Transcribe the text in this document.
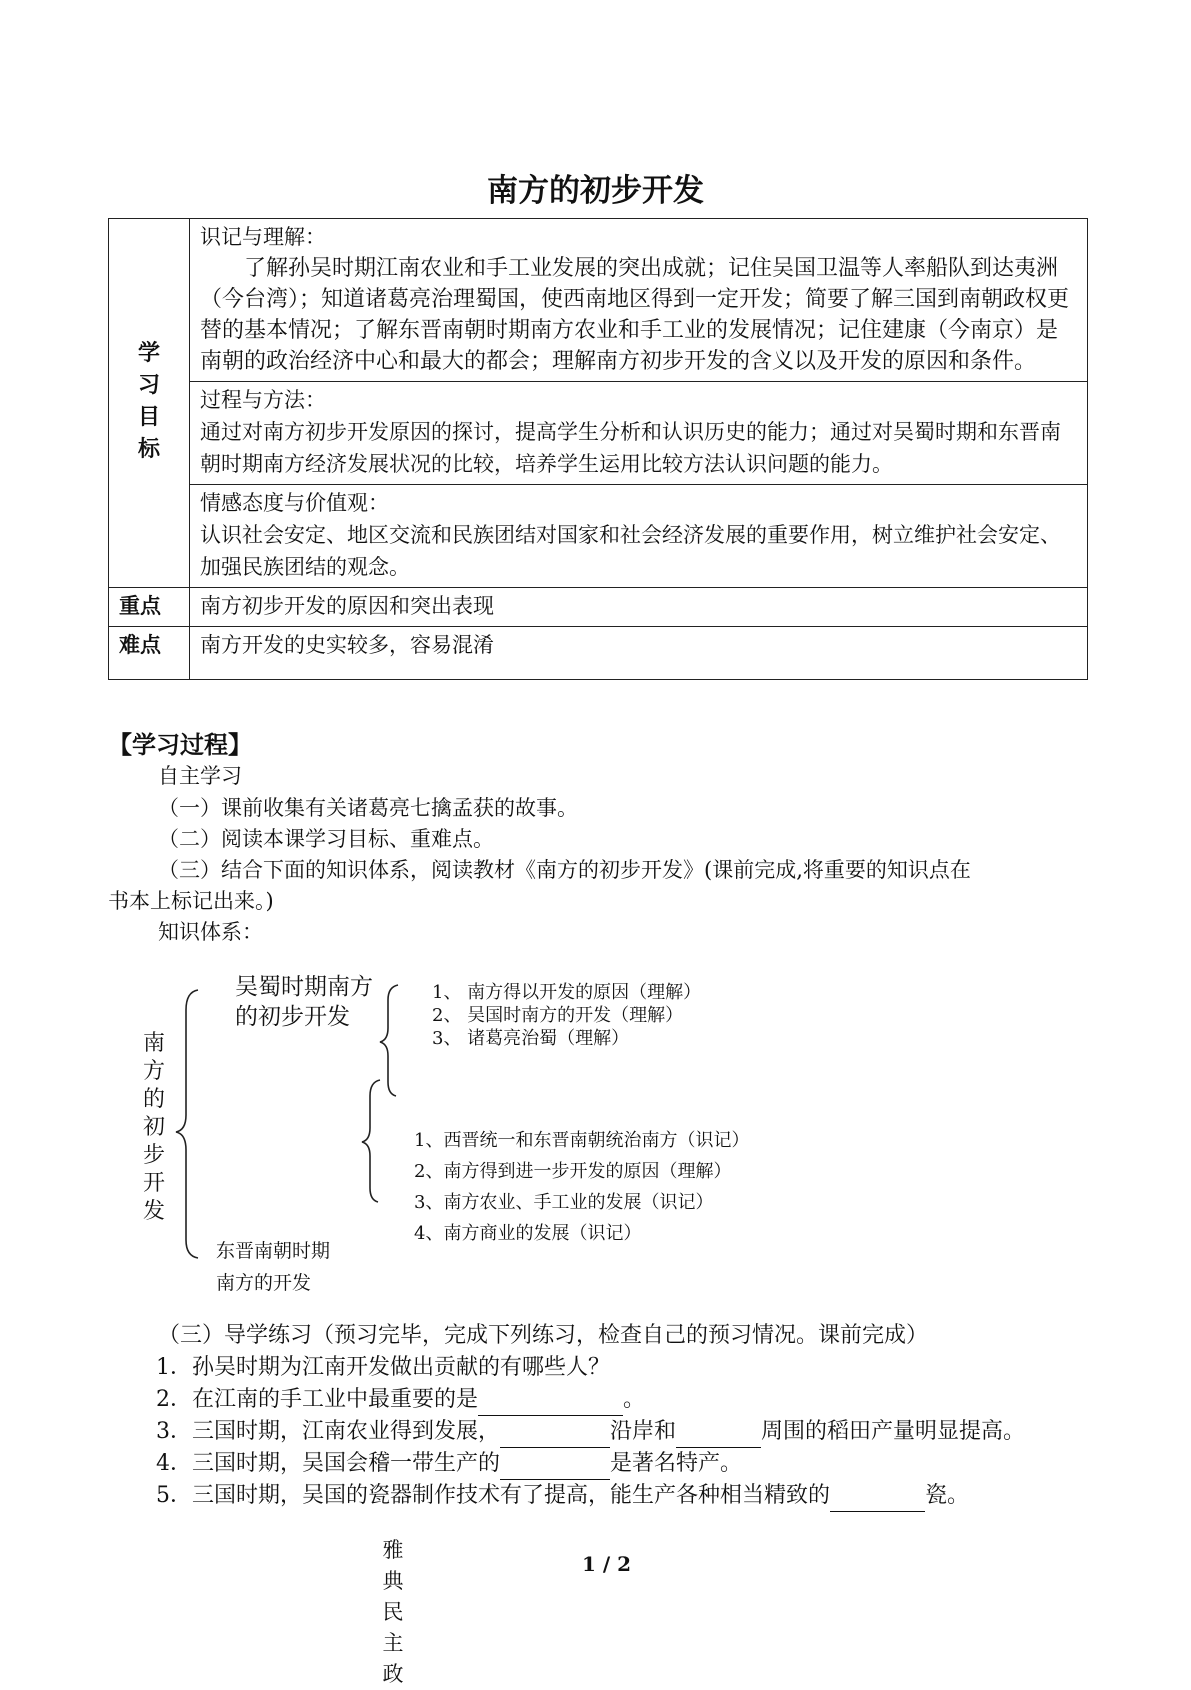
南方的初步开发
学
习
目
标	识记与理解：
了解孙吴时期江南农业和手工业发展的突出成就；记住吴国卫温等人率船队到达夷洲（今台湾）；知道诸葛亮治理蜀国，使西南地区得到一定开发；简要了解三国到南朝政权更替的基本情况；了解东晋南朝时期南方农业和手工业的发展情况；记住建康（今南京）是南朝的政治经济中心和最大的都会；理解南方初步开发的含义以及开发的原因和条件。

	过程与方法：
通过对南方初步开发原因的探讨，提高学生分析和认识历史的能力；通过对吴蜀时期和东晋南朝时期南方经济发展状况的比较，培养学生运用比较方法认识问题的能力。

	情感态度与价值观：
认识社会安定、地区交流和民族团结对国家和社会经济发展的重要作用，树立维护社会安定、加强民族团结的观念。

重点	南方初步开发的原因和突出表现
难点	南方开发的史实较多，容易混淆
【学习过程】
自主学习
（一）课前收集有关诸葛亮七擒孟获的故事。
（二）阅读本课学习目标、重难点。
（三）结合下面的知识体系，阅读教材《南方的初步开发》(课前完成,将重要的知识点在
书本上标记出来。)
知识体系：
南
方
的
初
步
开
发
吴蜀时期南方
的初步开发
1、 南方得以开发的原因（理解）
2、 吴国时南方的开发（理解）
3、 诸葛亮治蜀（理解）
1、西晋统一和东晋南朝统治南方（识记）
2、南方得到进一步开发的原因（理解）
3、南方农业、手工业的发展（识记）
4、南方商业的发展（识记）
东晋南朝时期
南方的开发
（三）导学练习（预习完毕，完成下列练习，检查自己的预习情况。课前完成）
1．孙吴时期为江南开发做出贡献的有哪些人？
2．在江南的手工业中最重要的是	。
3．三国时期，江南农业得到发展，	沿岸和	周围的稻田产量明显提高。
4．三国时期，吴国会稽一带生产的	是著名特产。
5．三国时期，吴国的瓷器制作技术有了提高，能生产各种相当精致的	瓷。
雅
典
民
主
政
1 / 2
